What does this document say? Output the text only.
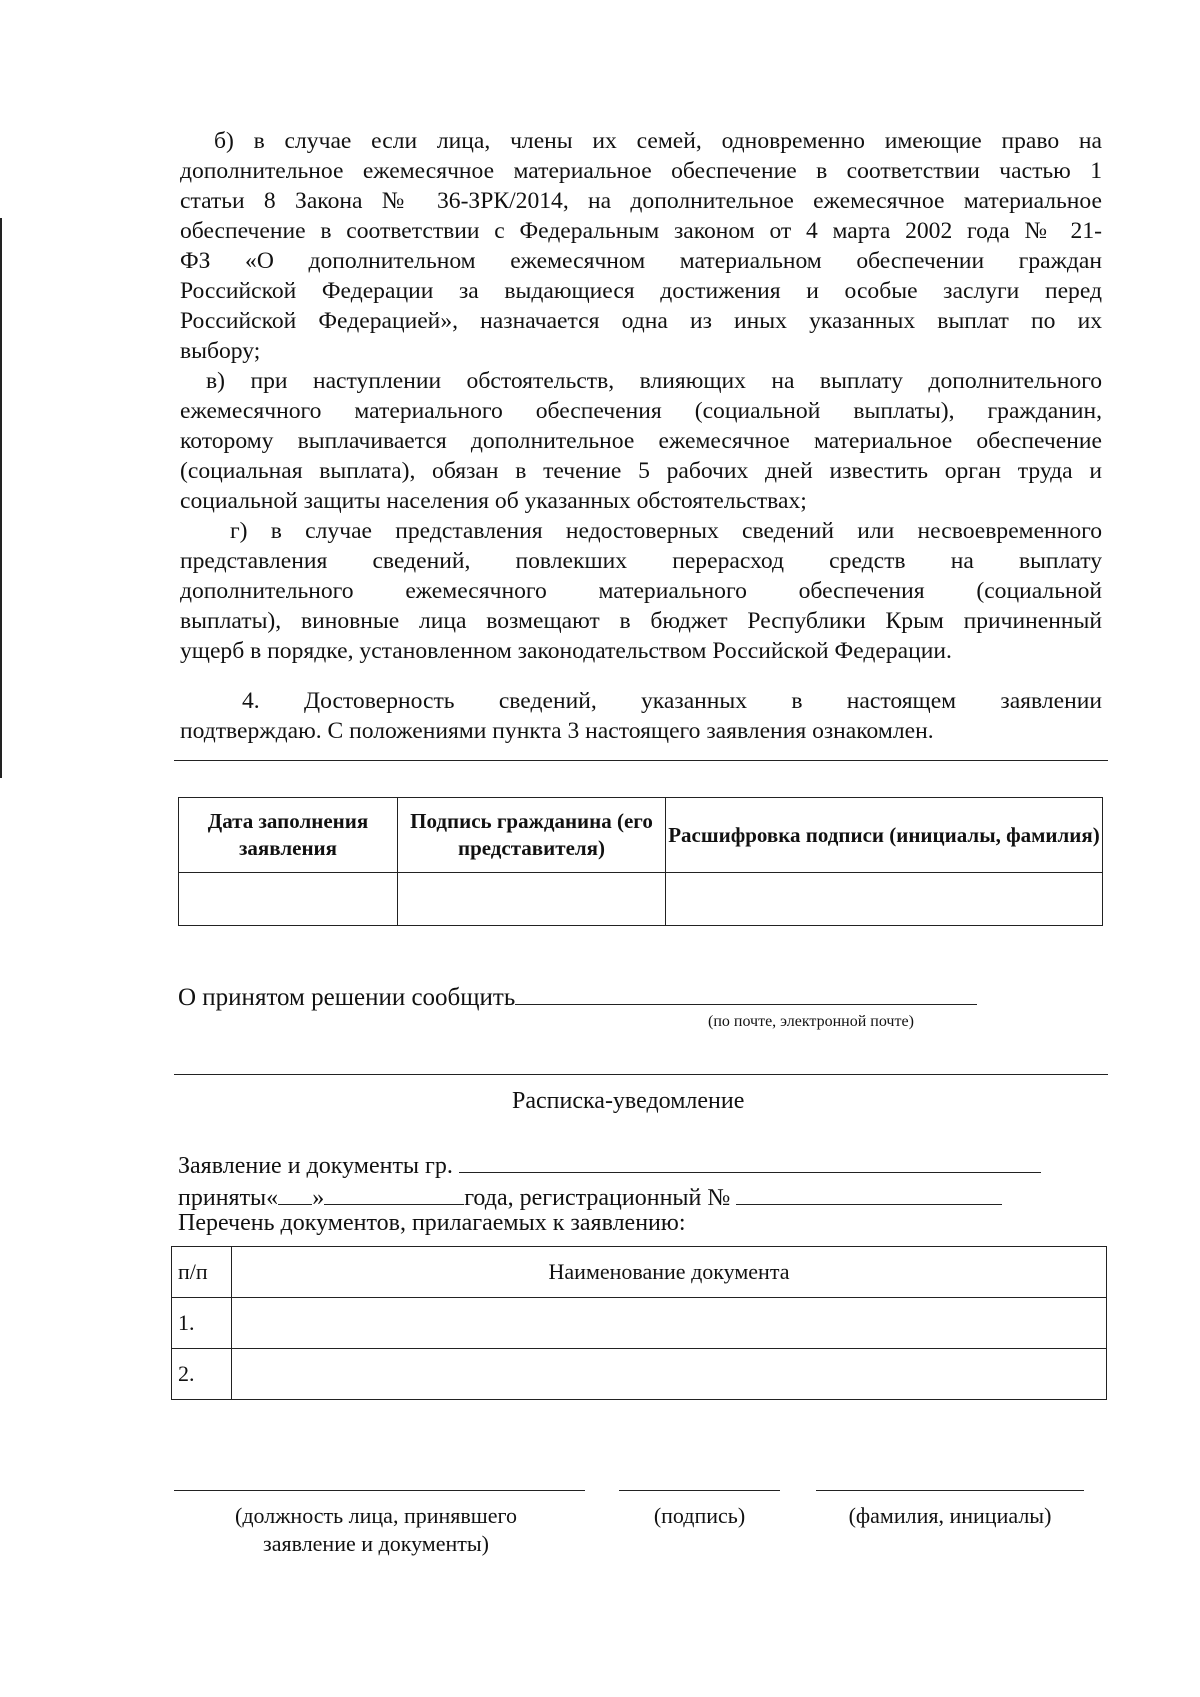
б) в случае если лица, члены их семей, одновременно имеющие право на
дополнительное ежемесячное материальное обеспечение в соответствии частью 1
статьи 8 Закона № 36-ЗРК/2014, на дополнительное ежемесячное материальное
обеспечение в соответствии с Федеральным законом от 4 марта 2002 года № 21-
ФЗ «О дополнительном ежемесячном материальном обеспечении граждан
Российской Федерации за выдающиеся достижения и особые заслуги перед
Российской Федерацией», назначается одна из иных указанных выплат по их
выбору;
в) при наступлении обстоятельств, влияющих на выплату дополнительного
ежемесячного материального обеспечения (социальной выплаты), гражданин,
которому выплачивается дополнительное ежемесячное материальное обеспечение
(социальная выплата), обязан в течение 5 рабочих дней известить орган труда и
социальной защиты населения об указанных обстоятельствах;
г) в случае представления недостоверных сведений или несвоевременного
представления сведений, повлекших перерасход средств на выплату
дополнительного ежемесячного материального обеспечения (социальной
выплаты), виновные лица возмещают в бюджет Республики Крым причиненный
ущерб в порядке, установленном законодательством Российской Федерации.
4. Достоверность сведений, указанных в настоящем заявлении
подтверждаю. С положениями пункта 3 настоящего заявления ознакомлен.
Дата заполнения заявления	Подпись гражданина (его представителя)	Расшифровка подписи (инициалы, фамилия)

О принятом решении сообщить
(по почте, электронной почте)
Расписка-уведомление
Заявление и документы гр.
приняты« »	года, регистрационный №
Перечень документов, прилагаемых к заявлению:
п/п	Наименование документа
1.	
2.	
(должность лица, принявшего
заявление и документы)
(подпись)	(фамилия, инициалы)
